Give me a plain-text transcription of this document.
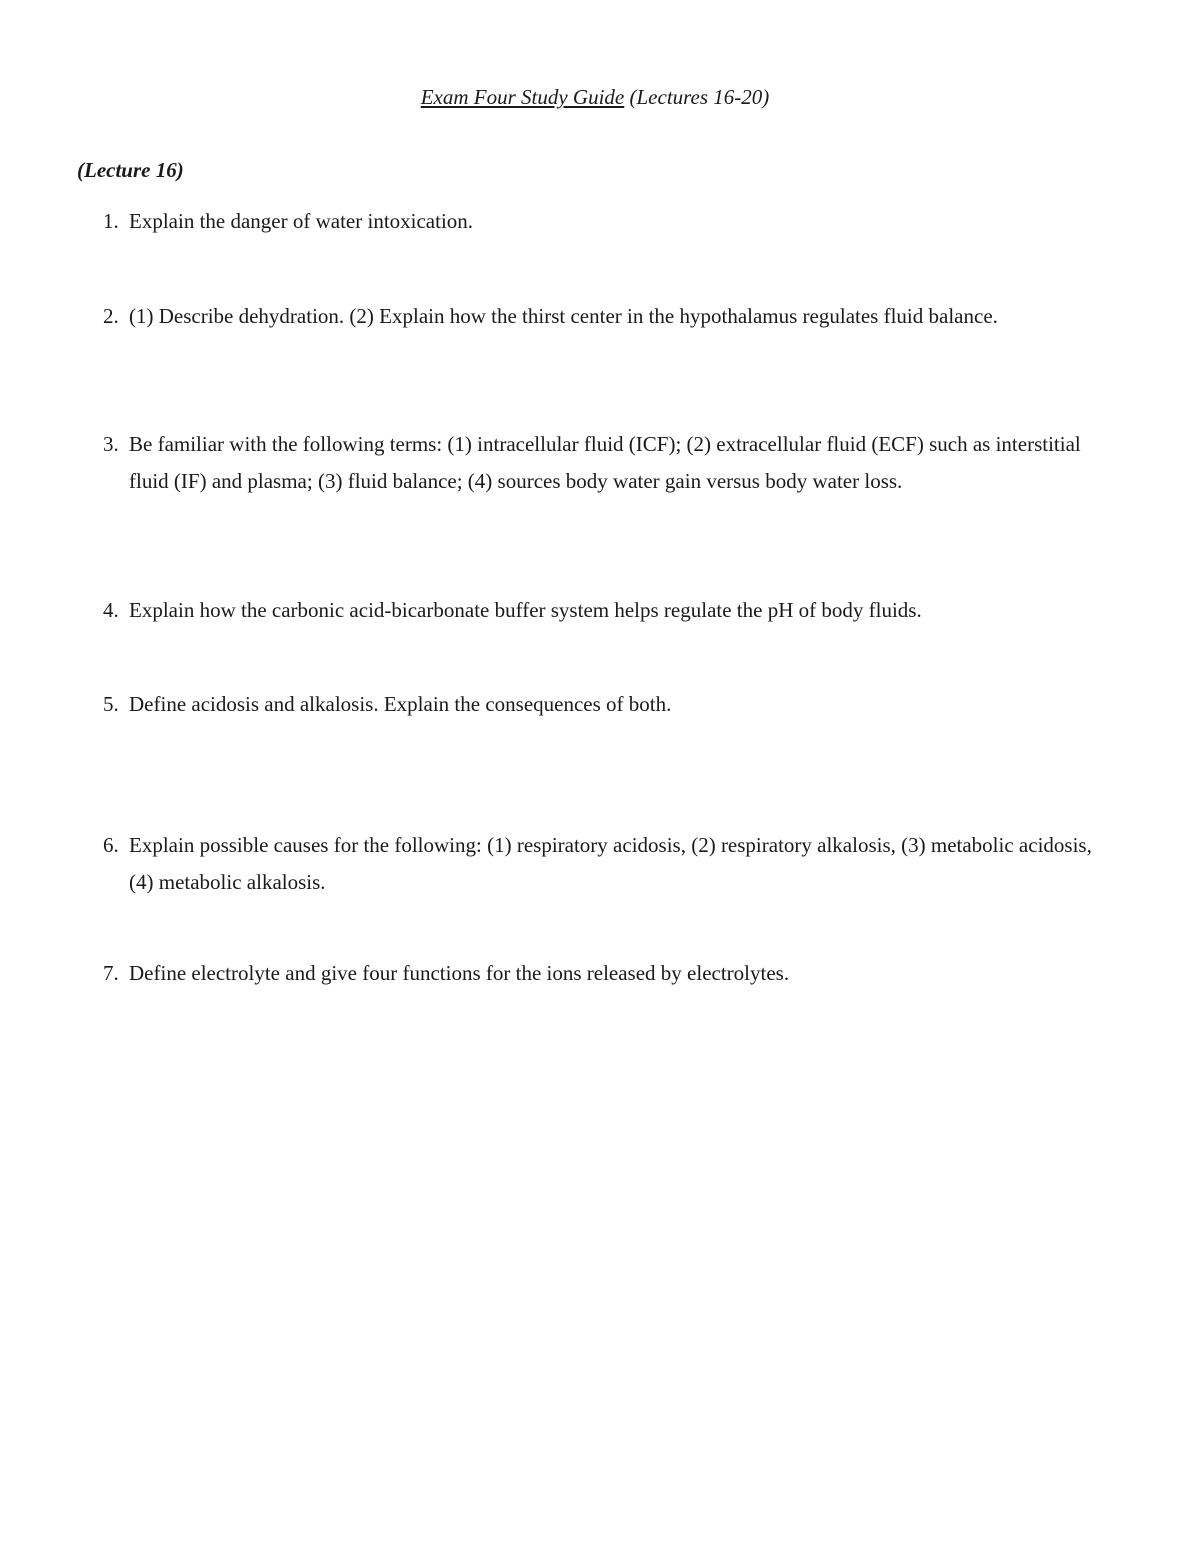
Exam Four Study Guide (Lectures 16-20)
(Lecture 16)
1. Explain the danger of water intoxication.
2. (1) Describe dehydration. (2) Explain how the thirst center in the hypothalamus regulates fluid balance.
3. Be familiar with the following terms: (1) intracellular fluid (ICF); (2) extracellular fluid (ECF) such as interstitial fluid (IF) and plasma; (3) fluid balance; (4) sources body water gain versus body water loss.
4. Explain how the carbonic acid-bicarbonate buffer system helps regulate the pH of body fluids.
5. Define acidosis and alkalosis. Explain the consequences of both.
6. Explain possible causes for the following: (1) respiratory acidosis, (2) respiratory alkalosis, (3) metabolic acidosis, (4) metabolic alkalosis.
7. Define electrolyte and give four functions for the ions released by electrolytes.
